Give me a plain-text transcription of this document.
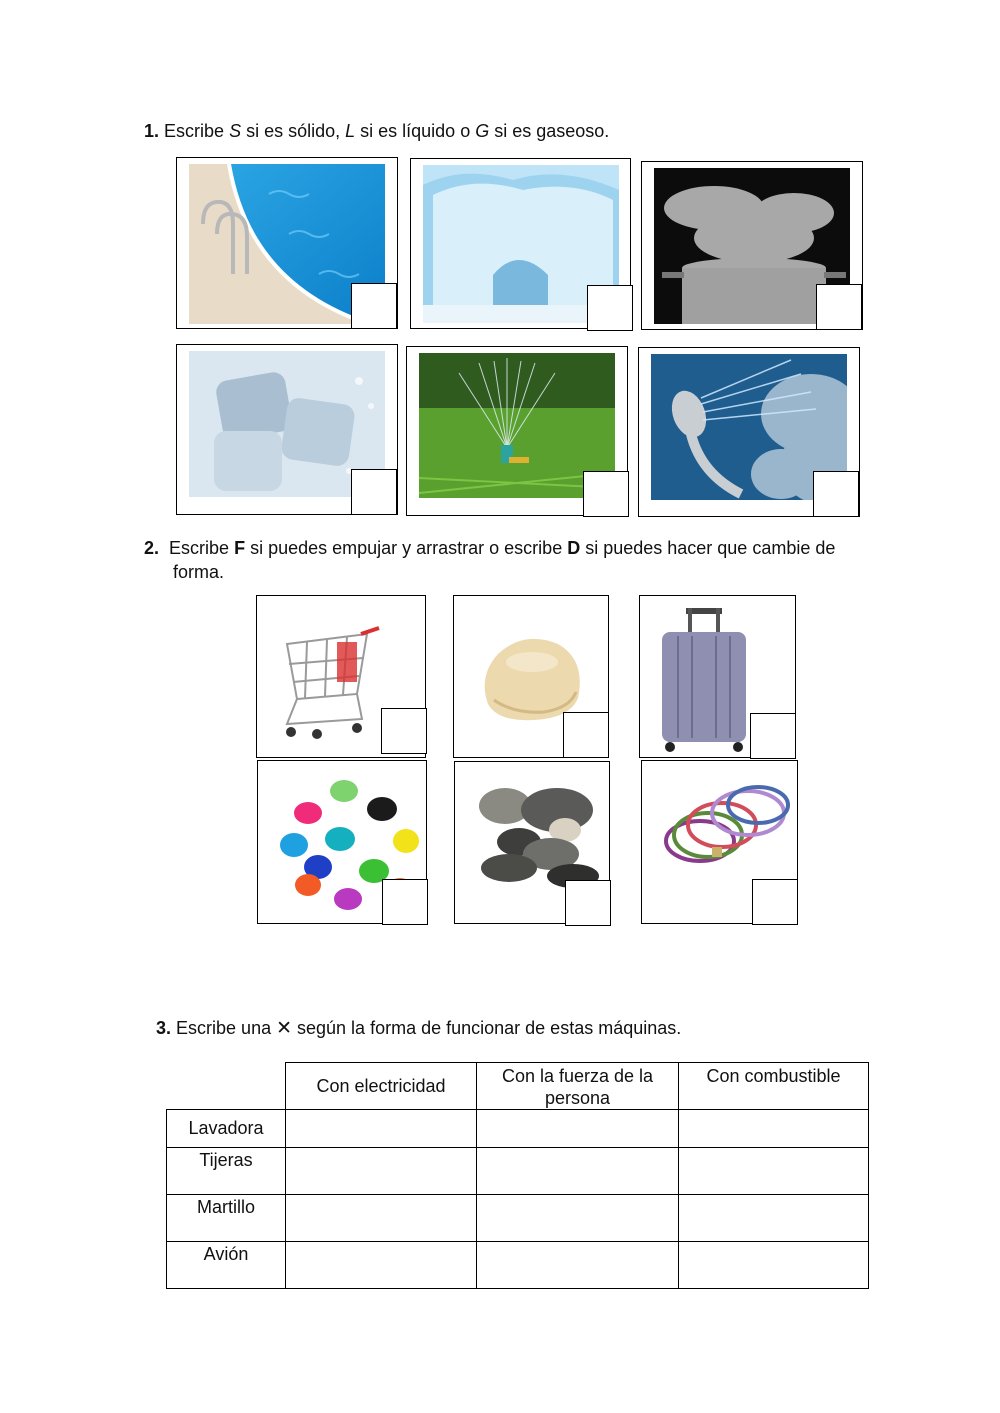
1. Escribe S si es sólido, L si es líquido o G si es gaseoso.
2. Escribe F si puedes empujar y arrastrar o escribe D si puedes hacer que cambie de
forma.
3. Escribe una ✕ según la forma de funcionar de estas máquinas.
	Con electricidad	Con la fuerza de la persona	Con combustible
Lavadora			
Tijeras			
Martillo			
Avión			
